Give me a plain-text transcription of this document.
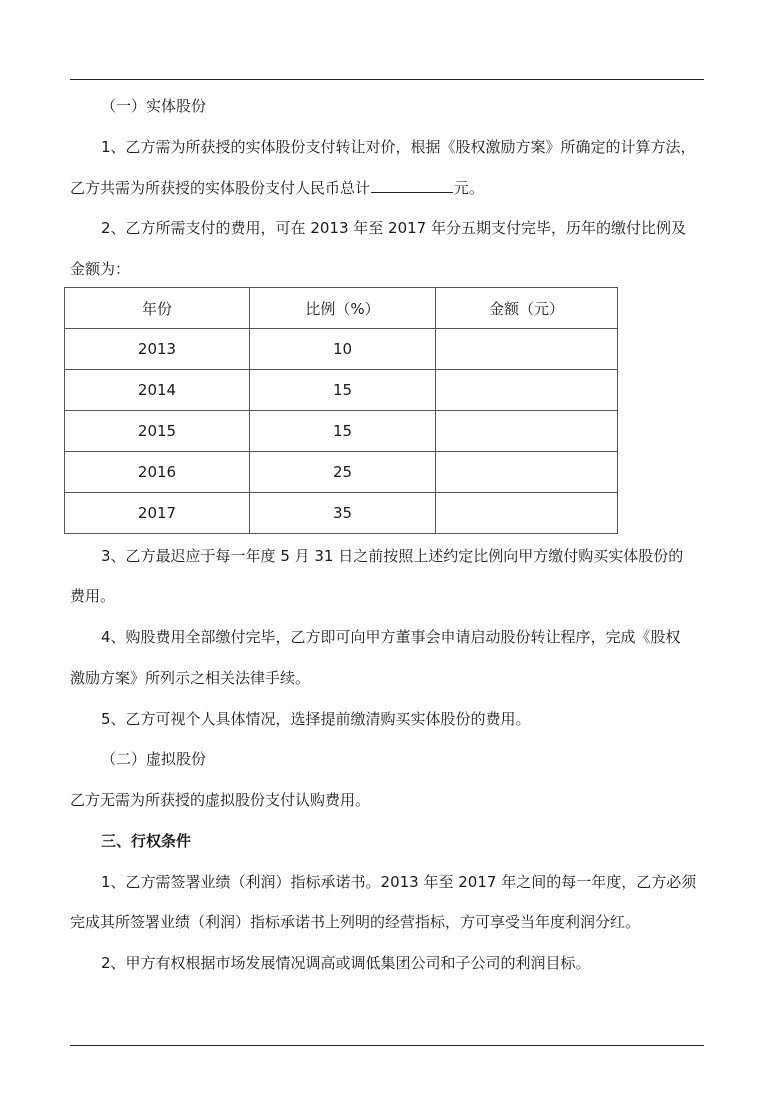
（一）实体股份
1、乙方需为所获授的实体股份支付转让对价，根据《股权激励方案》所确定的计算方法，
乙方共需为所获授的实体股份支付人民币总计	元。
2、乙方所需支付的费用，可在 2013 年至 2017 年分五期支付完毕，历年的缴付比例及
金额为：
年份	比例（%）	金额（元）
2013	10	
2014	15	
2015	15	
2016	25	
2017	35	
3、乙方最迟应于每一年度 5 月 31 日之前按照上述约定比例向甲方缴付购买实体股份的
费用。
4、购股费用全部缴付完毕，乙方即可向甲方董事会申请启动股份转让程序，完成《股权
激励方案》所列示之相关法律手续。
5、乙方可视个人具体情况，选择提前缴清购买实体股份的费用。
（二）虚拟股份
乙方无需为所获授的虚拟股份支付认购费用。
三、行权条件
1、乙方需签署业绩（利润）指标承诺书。2013 年至 2017 年之间的每一年度，乙方必须
完成其所签署业绩（利润）指标承诺书上列明的经营指标，方可享受当年度利润分红。
2、甲方有权根据市场发展情况调高或调低集团公司和子公司的利润目标。
